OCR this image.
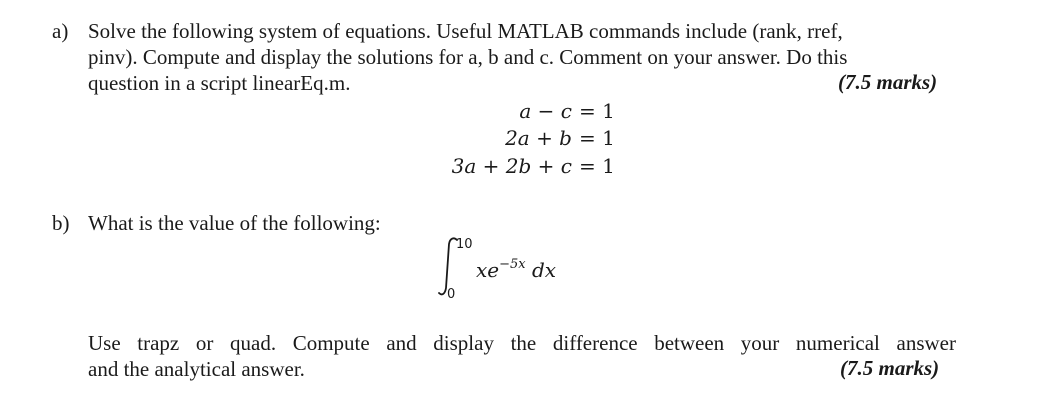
a) Solve the following system of equations. Useful MATLAB commands include (rank, rref,
pinv). Compute and display the solutions for a, b and c. Comment on your answer. Do this
question in a script linearEq.m.	(7.5 marks)
a − c = 1
2a + b = 1
3a + 2b + c = 1
b) What is the value of the following:
10
0
$xe^{-5x}$ dx
Use trapz or quad. Compute and display the difference between your numerical answer
and the analytical answer.	(7.5 marks)
